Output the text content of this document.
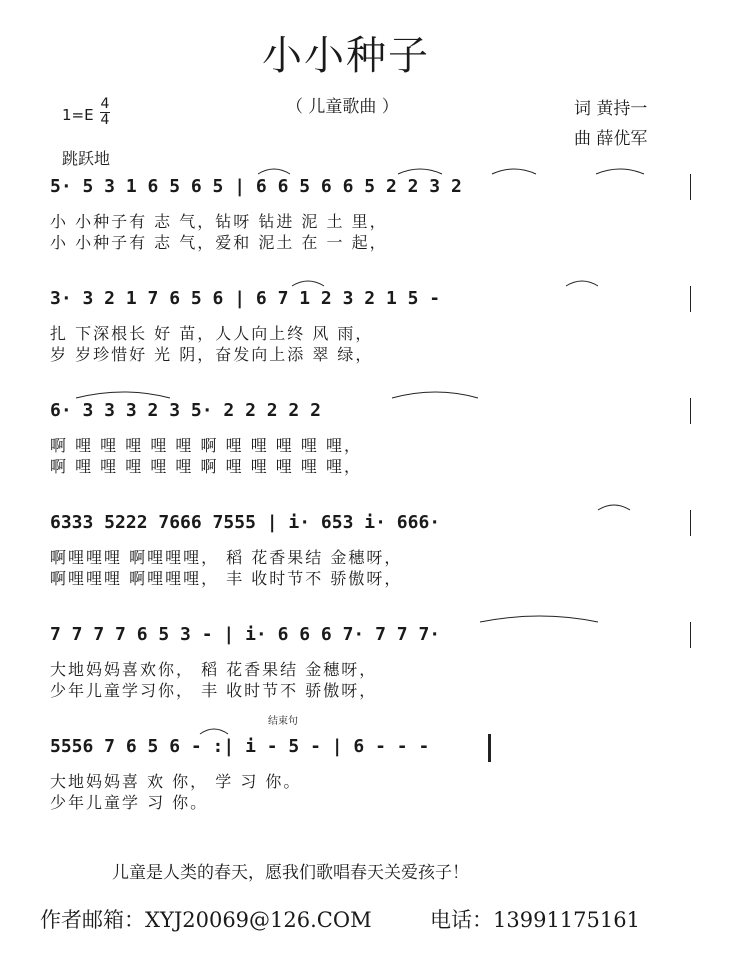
小小种子
（ 儿童歌曲 ）	词 黄持一
曲 薛优军
1=E
4
4
跳跃地
5· 5 3 1 6 5 6 5 | 6 6 5 6 6 5 2 2 3 2
小 小种子有 志 气，钻呀 钻进 泥 土 里，
小 小种子有 志 气，爱和 泥土 在 一 起，
3· 3 2 1 7 6 5 6 | 6 7 1 2 3 2 1 5 -
扎 下深根长 好 苗，人人向上终 风 雨，
岁 岁珍惜好 光 阴，奋发向上添 翠 绿，
6· 3 3 3 2 3 5· 2 2 2 2 2
啊 哩 哩 哩 哩 哩 啊 哩 哩 哩 哩 哩，
啊 哩 哩 哩 哩 哩 啊 哩 哩 哩 哩 哩，
6333 5222 7666 7555 | i· 653 i· 666·
啊哩哩哩 啊哩哩哩， 稻 花香果结 金穗呀，
啊哩哩哩 啊哩哩哩， 丰 收时节不 骄傲呀，
7 7 7 7 6 5 3 - | i· 6 6 6 7· 7 7 7·
大地妈妈喜欢你， 稻 花香果结 金穗呀，
少年儿童学习你， 丰 收时节不 骄傲呀，
结束句
5556 7 6 5 6 - :| i - 5 - | 6 - - -
大地妈妈喜 欢 你， 学 习 你。
少年儿童学 习 你。
儿童是人类的春天，愿我们歌唱春天关爱孩子！
作者邮箱：XYJ20069@126.COM	电话：13991175161
